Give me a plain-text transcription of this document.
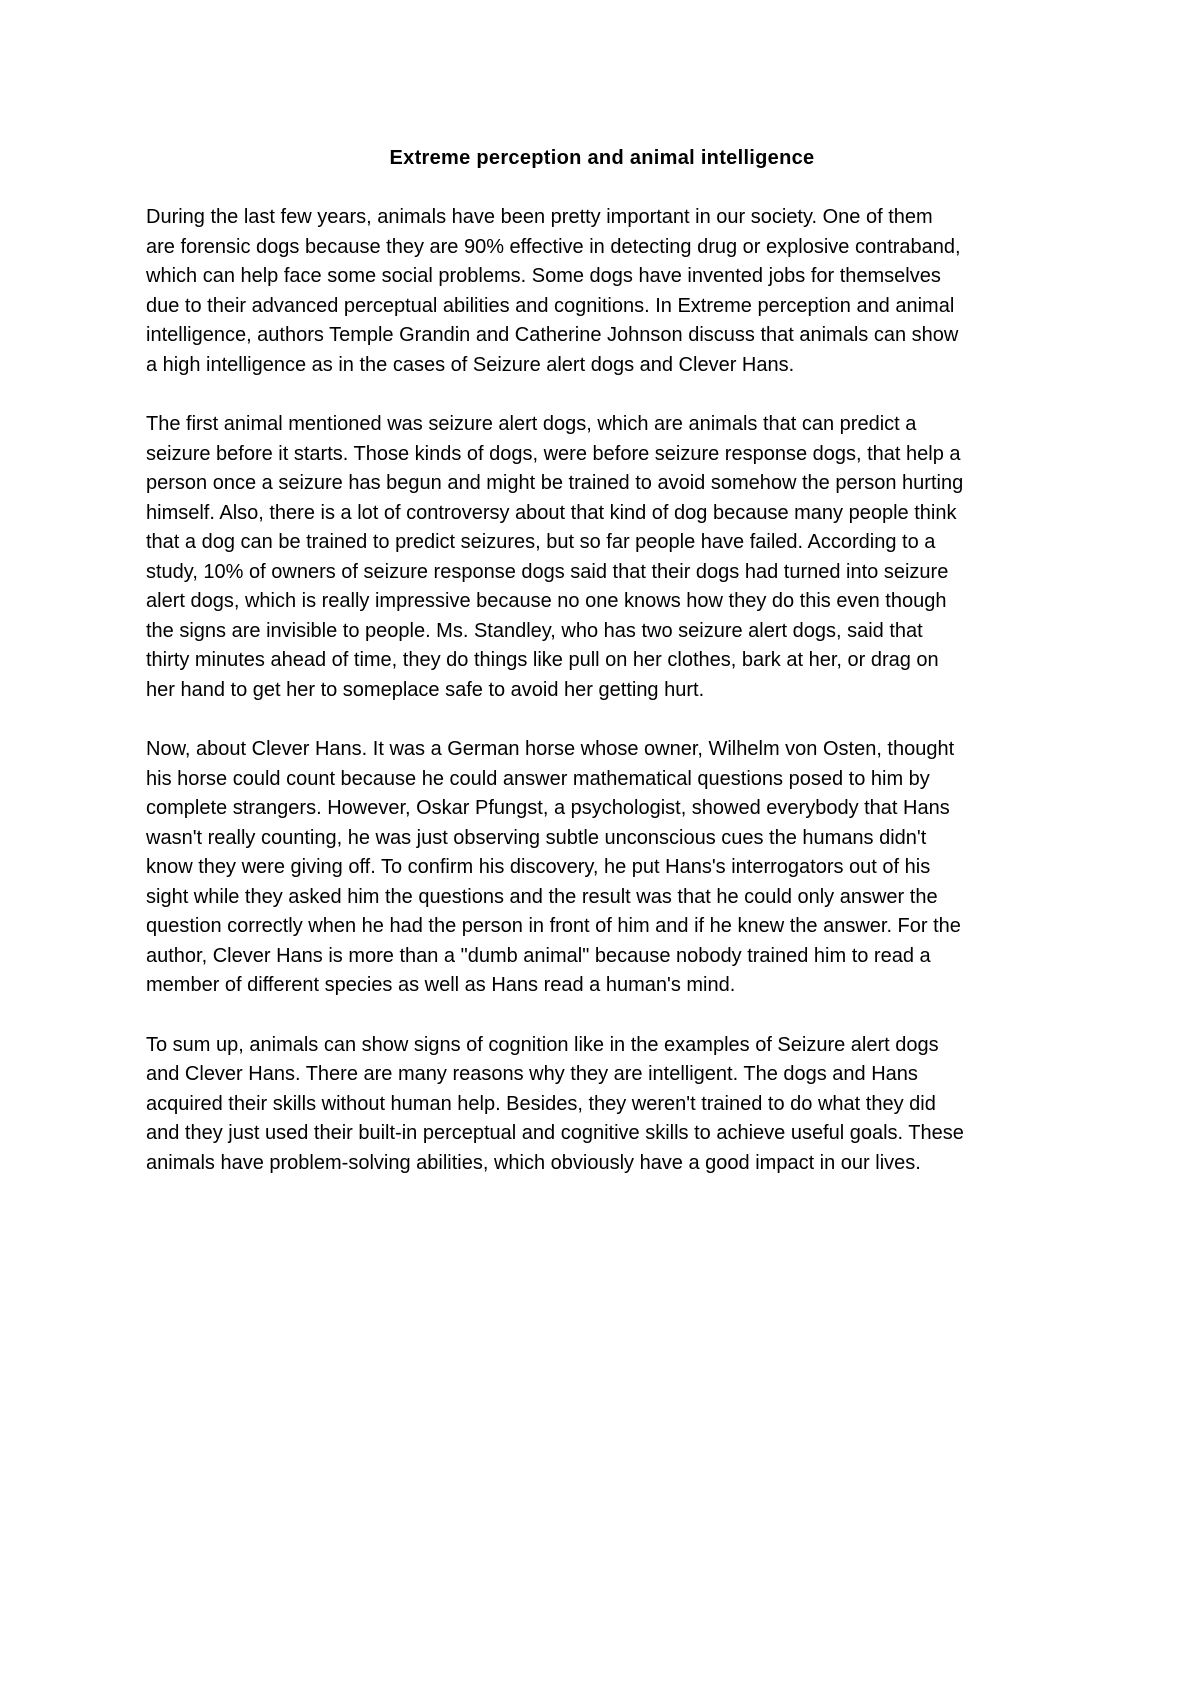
Extreme perception and animal intelligence

During the last few years, animals have been pretty important in our society. One of them
are forensic dogs because they are 90% effective in detecting drug or explosive contraband,
which can help face some social problems. Some dogs have invented jobs for themselves
due to their advanced perceptual abilities and cognitions. In Extreme perception and animal
intelligence, authors Temple Grandin and Catherine Johnson discuss that animals can show
a high intelligence as in the cases of Seizure alert dogs and Clever Hans.

The first animal mentioned was seizure alert dogs, which are animals that can predict a
seizure before it starts. Those kinds of dogs, were before seizure response dogs, that help a
person once a seizure has begun and might be trained to avoid somehow the person hurting
himself. Also, there is a lot of controversy about that kind of dog because many people think
that a dog can be trained to predict seizures, but so far people have failed. According to a
study, 10% of owners of seizure response dogs said that their dogs had turned into seizure
alert dogs, which is really impressive because no one knows how they do this even though
the signs are invisible to people. Ms. Standley, who has two seizure alert dogs, said that
thirty minutes ahead of time, they do things like pull on her clothes, bark at her, or drag on
her hand to get her to someplace safe to avoid her getting hurt.

Now, about Clever Hans. It was a German horse whose owner, Wilhelm von Osten, thought
his horse could count because he could answer mathematical questions posed to him by
complete strangers. However, Oskar Pfungst, a psychologist, showed everybody that Hans
wasn't really counting, he was just observing subtle unconscious cues the humans didn't
know they were giving off. To confirm his discovery, he put Hans's interrogators out of his
sight while they asked him the questions and the result was that he could only answer the
question correctly when he had the person in front of him and if he knew the answer. For the
author, Clever Hans is more than a "dumb animal" because nobody trained him to read a
member of different species as well as Hans read a human's mind.

To sum up, animals can show signs of cognition like in the examples of Seizure alert dogs
and Clever Hans. There are many reasons why they are intelligent. The dogs and Hans
acquired their skills without human help. Besides, they weren't trained to do what they did
and they just used their built-in perceptual and cognitive skills to achieve useful goals. These
animals have problem-solving abilities, which obviously have a good impact in our lives.
